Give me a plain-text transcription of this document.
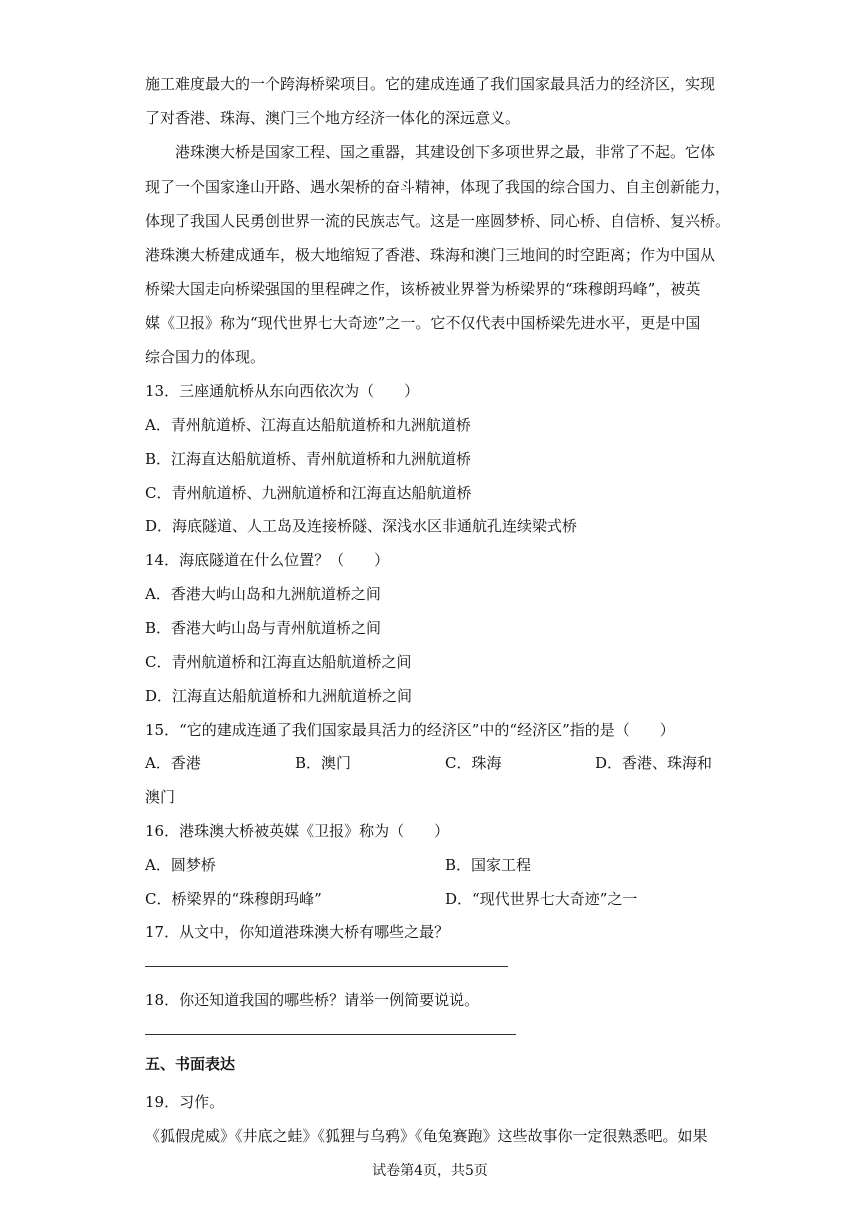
施工难度最大的一个跨海桥梁项目。它的建成连通了我们国家最具活力的经济区，实现
了对香港、珠海、澳门三个地方经济一体化的深远意义。
港珠澳大桥是国家工程、国之重器，其建设创下多项世界之最，非常了不起。它体
现了一个国家逢山开路、遇水架桥的奋斗精神，体现了我国的综合国力、自主创新能力，
体现了我国人民勇创世界一流的民族志气。这是一座圆梦桥、同心桥、自信桥、复兴桥。
港珠澳大桥建成通车，极大地缩短了香港、珠海和澳门三地间的时空距离；作为中国从
桥梁大国走向桥梁强国的里程碑之作，该桥被业界誉为桥梁界的“珠穆朗玛峰”，被英
媒《卫报》称为“现代世界七大奇迹”之一。它不仅代表中国桥梁先进水平，更是中国
综合国力的体现。
13．三座通航桥从东向西依次为（　　）
A．青州航道桥、江海直达船航道桥和九洲航道桥
B．江海直达船航道桥、青州航道桥和九洲航道桥
C．青州航道桥、九洲航道桥和江海直达船航道桥
D．海底隧道、人工岛及连接桥隧、深浅水区非通航孔连续梁式桥
14．海底隧道在什么位置？（　　）
A．香港大屿山岛和九洲航道桥之间
B．香港大屿山岛与青州航道桥之间
C．青州航道桥和江海直达船航道桥之间
D．江海直达船航道桥和九洲航道桥之间
15．“它的建成连通了我们国家最具活力的经济区”中的“经济区”指的是（　　）
A．香港	B．澳门	C．珠海	D．香港、珠海和
澳门
16．港珠澳大桥被英媒《卫报》称为（　　）
A．圆梦桥	B．国家工程
C．桥梁界的“珠穆朗玛峰”	D．“现代世界七大奇迹”之一
17．从文中，你知道港珠澳大桥有哪些之最？
18．你还知道我国的哪些桥？请举一例简要说说。
五、书面表达
19．习作。
《狐假虎威》《井底之蛙》《狐狸与乌鸦》《龟兔赛跑》这些故事你一定很熟悉吧。如果
试卷第4页，共5页
